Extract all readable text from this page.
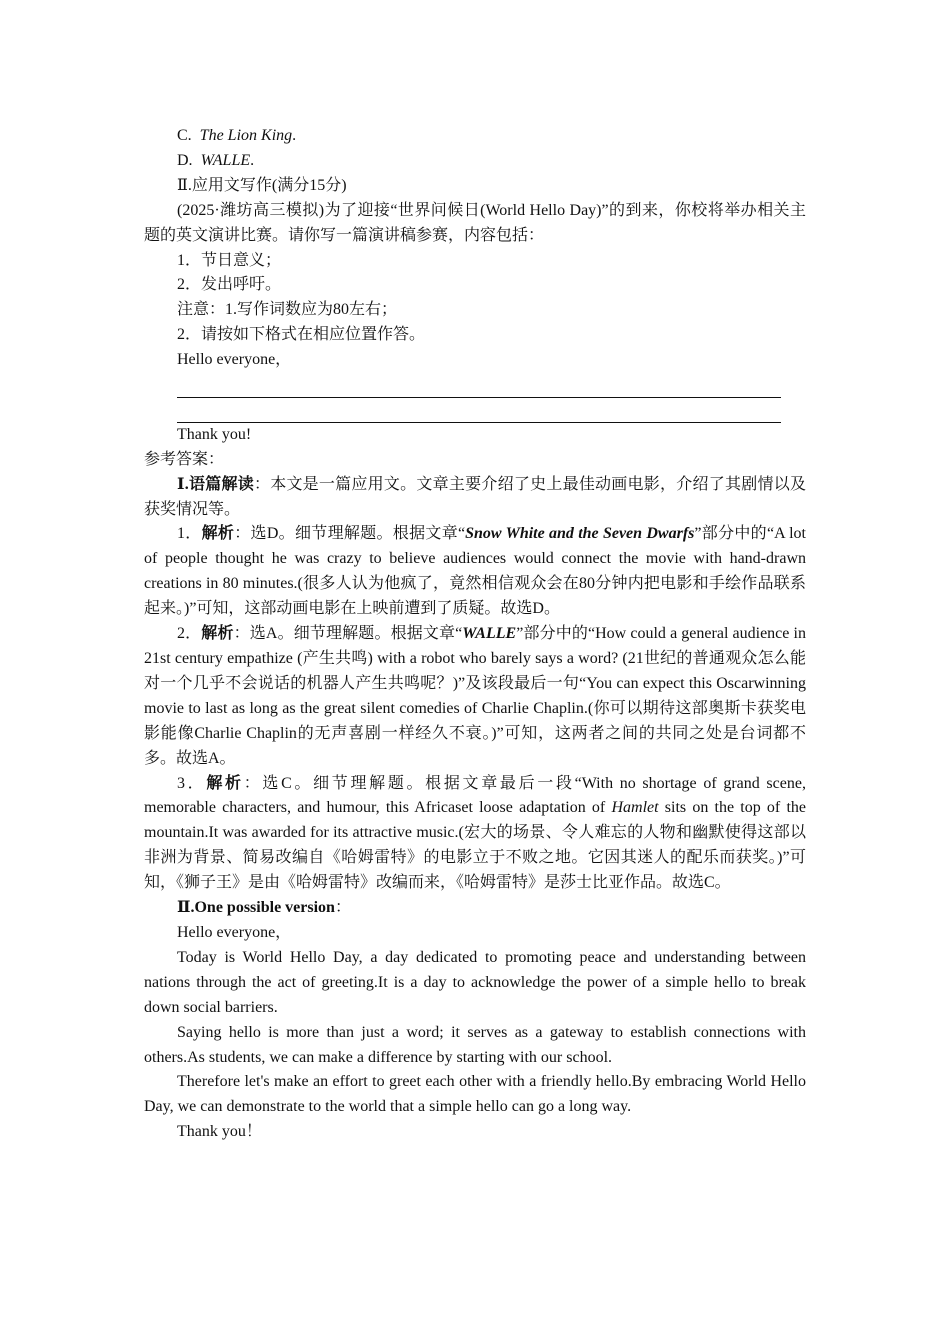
C. The Lion King.

D. WALLE.

Ⅱ.应用文写作(满分15分)

(2025·潍坊高三模拟)为了迎接“世界问候日(World Hello Day)”的到来，你校将举办相关主题的英文演讲比赛。请你写一篇演讲稿参赛，内容包括：

1．节日意义；

2．发出呼吁。

注意：1.写作词数应为80左右；

2．请按如下格式在相应位置作答。

Hello everyone，

Thank you!

参考答案：

Ⅰ.语篇解读：本文是一篇应用文。文章主要介绍了史上最佳动画电影，介绍了其剧情以及获奖情况等。

1．解析：选D。细节理解题。根据文章“Snow White and the Seven Dwarfs”部分中的“A lot of people thought he was crazy to believe audiences would connect the movie with hand-drawn creations in 80 minutes.(很多人认为他疯了，竟然相信观众会在80分钟内把电影和手绘作品联系起来。)”可知，这部动画电影在上映前遭到了质疑。故选D。

2．解析：选A。细节理解题。根据文章“WALLE”部分中的“How could a general audience in 21st century empathize (产生共鸣) with a robot who barely says a word? (21世纪的普通观众怎么能对一个几乎不会说话的机器人产生共鸣呢？)”及该段最后一句“You can expect this Oscarwinning movie to last as long as the great silent comedies of Charlie Chaplin.(你可以期待这部奥斯卡获奖电影能像Charlie Chaplin的无声喜剧一样经久不衰。)”可知，这两者之间的共同之处是台词都不多。故选A。

3．解析：选C。细节理解题。根据文章最后一段“With no shortage of grand scene, memorable characters, and humour, this Africaset loose adaptation of Hamlet sits on the top of the mountain.It was awarded for its attractive music.(宏大的场景、令人难忘的人物和幽默使得这部以非洲为背景、简易改编自《哈姆雷特》的电影立于不败之地。它因其迷人的配乐而获奖。)”可知，《狮子王》是由《哈姆雷特》改编而来，《哈姆雷特》是莎士比亚作品。故选C。

Ⅱ.One possible version：

Hello everyone，

Today is World Hello Day, a day dedicated to promoting peace and understanding between nations through the act of greeting.It is a day to acknowledge the power of a simple hello to break down social barriers.

Saying hello is more than just a word; it serves as a gateway to establish connections with others.As students, we can make a difference by starting with our school.

Therefore let's make an effort to greet each other with a friendly hello.By embracing World Hello Day, we can demonstrate to the world that a simple hello can go a long way.

Thank you！
